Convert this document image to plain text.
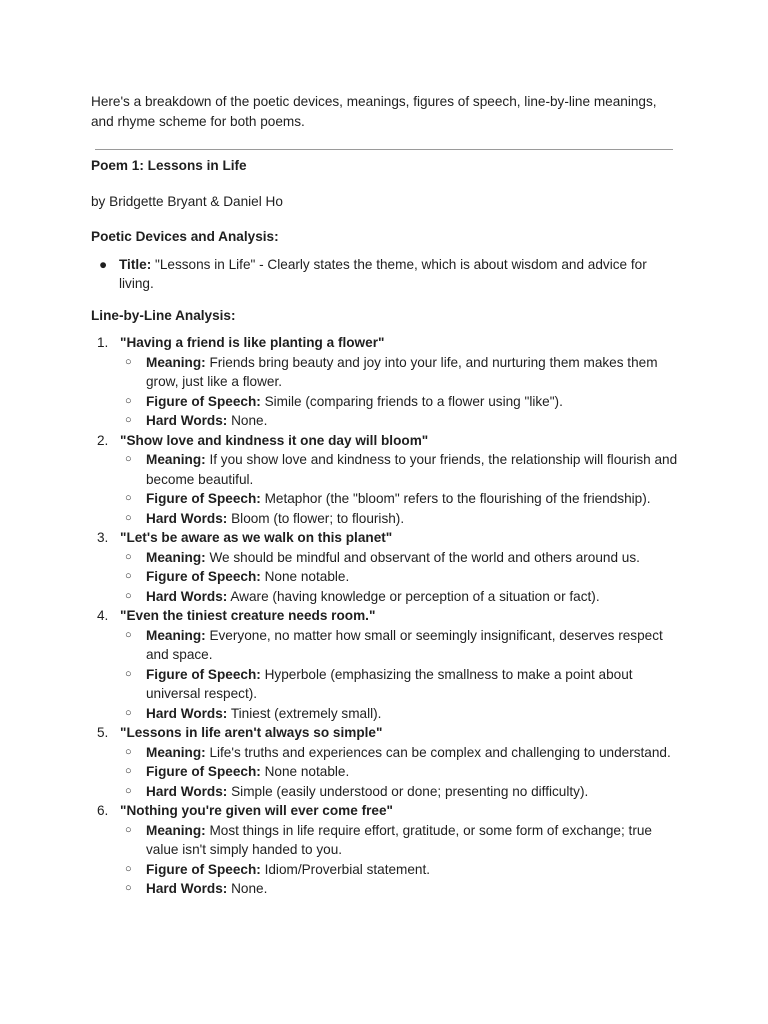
Here's a breakdown of the poetic devices, meanings, figures of speech, line-by-line meanings, and rhyme scheme for both poems.

Poem 1: Lessons in Life

by Bridgette Bryant & Daniel Ho

Poetic Devices and Analysis:

● Title: "Lessons in Life" - Clearly states the theme, which is about wisdom and advice for living.

Line-by-Line Analysis:

1. "Having a friend is like planting a flower"
○ Meaning: Friends bring beauty and joy into your life, and nurturing them makes them grow, just like a flower.
○ Figure of Speech: Simile (comparing friends to a flower using "like").
○ Hard Words: None.
2. "Show love and kindness it one day will bloom"
○ Meaning: If you show love and kindness to your friends, the relationship will flourish and become beautiful.
○ Figure of Speech: Metaphor (the "bloom" refers to the flourishing of the friendship).
○ Hard Words: Bloom (to flower; to flourish).
3. "Let's be aware as we walk on this planet"
○ Meaning: We should be mindful and observant of the world and others around us.
○ Figure of Speech: None notable.
○ Hard Words: Aware (having knowledge or perception of a situation or fact).
4. "Even the tiniest creature needs room."
○ Meaning: Everyone, no matter how small or seemingly insignificant, deserves respect and space.
○ Figure of Speech: Hyperbole (emphasizing the smallness to make a point about universal respect).
○ Hard Words: Tiniest (extremely small).
5. "Lessons in life aren't always so simple"
○ Meaning: Life's truths and experiences can be complex and challenging to understand.
○ Figure of Speech: None notable.
○ Hard Words: Simple (easily understood or done; presenting no difficulty).
6. "Nothing you're given will ever come free"
○ Meaning: Most things in life require effort, gratitude, or some form of exchange; true value isn't simply handed to you.
○ Figure of Speech: Idiom/Proverbial statement.
○ Hard Words: None.
